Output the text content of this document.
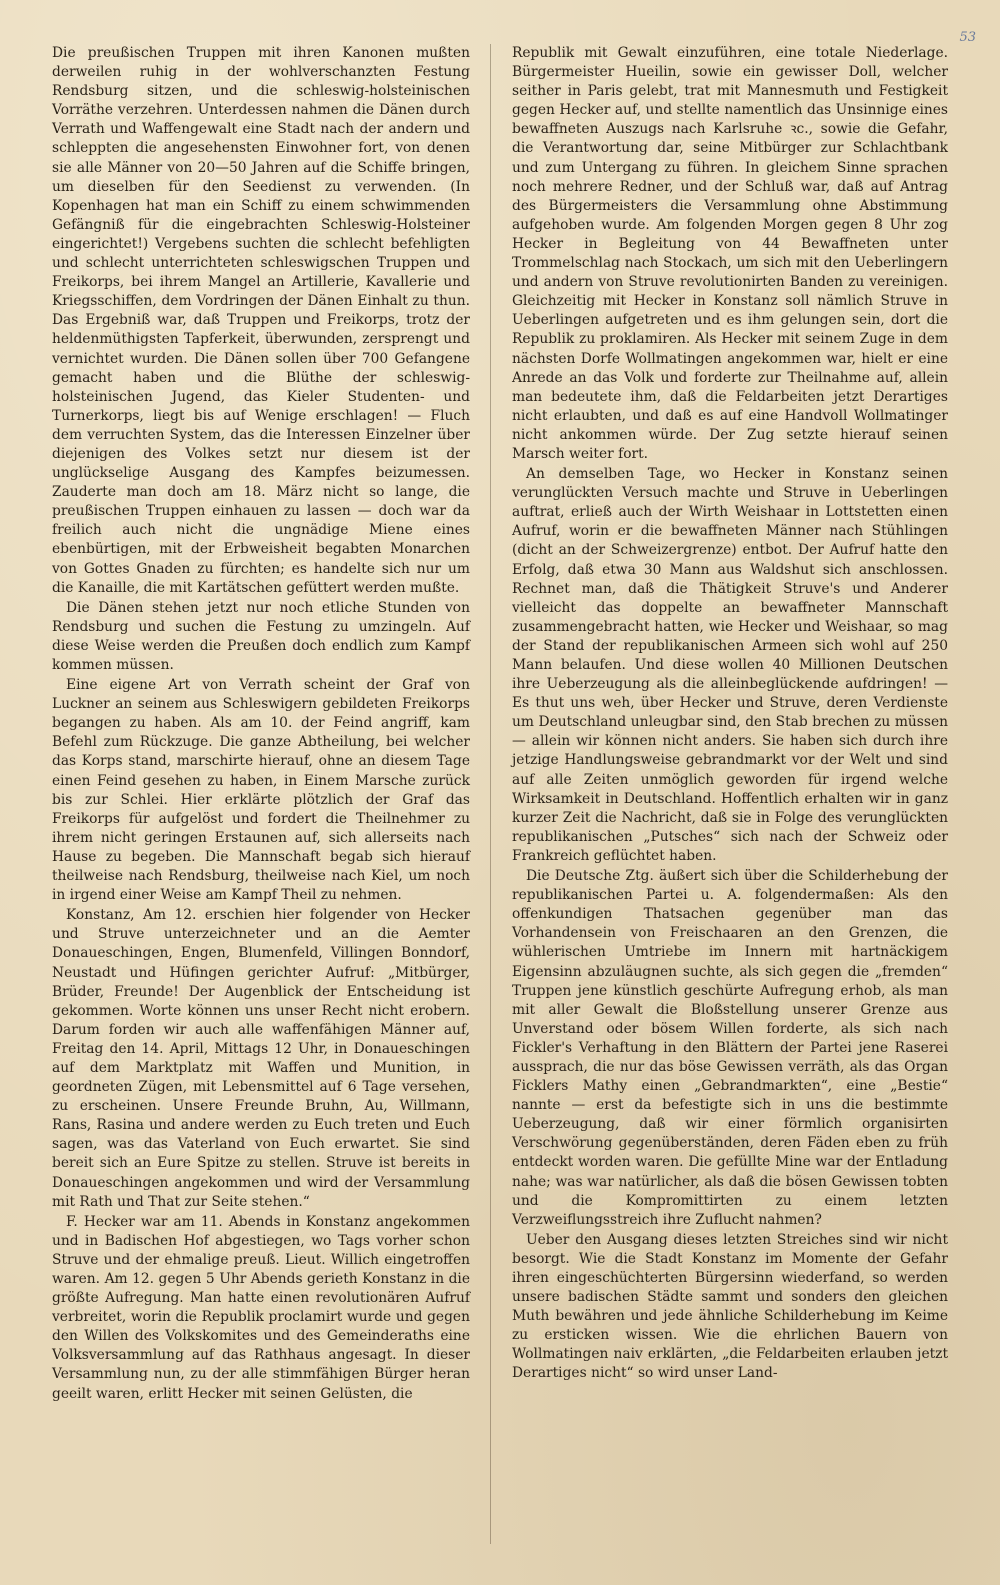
53

Die preußischen Truppen mit ihren Kanonen mußten derweilen ruhig in der wohlverschanzten Festung Rendsburg sitzen, und die schleswig-holsteinischen Vorräthe verzehren. Unterdessen nahmen die Dänen durch Verrath und Waffengewalt eine Stadt nach der andern und schleppten die angesehensten Einwohner fort, von denen sie alle Männer von 20—50 Jahren auf die Schiffe bringen, um dieselben für den Seedienst zu verwenden. (In Kopenhagen hat man ein Schiff zu einem schwimmenden Gefängniß für die eingebrachten Schleswig-Holsteiner eingerichtet!) Vergebens suchten die schlecht befehligten und schlecht unterrichteten schleswigschen Truppen und Freikorps, bei ihrem Mangel an Artillerie, Kavallerie und Kriegsschiffen, dem Vordringen der Dänen Einhalt zu thun. Das Ergebniß war, daß Truppen und Freikorps, trotz der heldenmüthigsten Tapferkeit, überwunden, zersprengt und vernichtet wurden. Die Dänen sollen über 700 Gefangene gemacht haben und die Blüthe der schleswig-holsteinischen Jugend, das Kieler Studenten- und Turnerkorps, liegt bis auf Wenige erschlagen! — Fluch dem verruchten System, das die Interessen Einzelner über diejenigen des Volkes setzt nur diesem ist der unglückselige Ausgang des Kampfes beizumessen. Zauderte man doch am 18. März nicht so lange, die preußischen Truppen einhauen zu lassen — doch war da freilich auch nicht die ungnädige Miene eines ebenbürtigen, mit der Erbweisheit begabten Monarchen von Gottes Gnaden zu fürchten; es handelte sich nur um die Kanaille, die mit Kartätschen gefüttert werden mußte.

Die Dänen stehen jetzt nur noch etliche Stunden von Rendsburg und suchen die Festung zu umzingeln. Auf diese Weise werden die Preußen doch endlich zum Kampf kommen müssen.

Eine eigene Art von Verrath scheint der Graf von Luckner an seinem aus Schleswigern gebildeten Freikorps begangen zu haben. Als am 10. der Feind angriff, kam Befehl zum Rückzuge. Die ganze Abtheilung, bei welcher das Korps stand, marschirte hierauf, ohne an diesem Tage einen Feind gesehen zu haben, in Einem Marsche zurück bis zur Schlei. Hier erklärte plötzlich der Graf das Freikorps für aufgelöst und fordert die Theilnehmer zu ihrem nicht geringen Erstaunen auf, sich allerseits nach Hause zu begeben. Die Mannschaft begab sich hierauf theilweise nach Rendsburg, theilweise nach Kiel, um noch in irgend einer Weise am Kampf Theil zu nehmen.

Konstanz, Am 12. erschien hier folgender von Hecker und Struve unterzeichneter und an die Aemter Donaueschingen, Engen, Blumenfeld, Villingen Bonndorf, Neustadt und Hüfingen gerichter Aufruf: „Mitbürger, Brüder, Freunde! Der Augenblick der Entscheidung ist gekommen. Worte können uns unser Recht nicht erobern. Darum forden wir auch alle waffenfähigen Männer auf, Freitag den 14. April, Mittags 12 Uhr, in Donaueschingen auf dem Marktplatz mit Waffen und Munition, in geordneten Zügen, mit Lebensmittel auf 6 Tage versehen, zu erscheinen. Unsere Freunde Bruhn, Au, Willmann, Rans, Rasina und andere werden zu Euch treten und Euch sagen, was das Vaterland von Euch erwartet. Sie sind bereit sich an Eure Spitze zu stellen. Struve ist bereits in Donaueschingen angekommen und wird der Versammlung mit Rath und That zur Seite stehen.“

F. Hecker war am 11. Abends in Konstanz angekommen und in Badischen Hof abgestiegen, wo Tags vorher schon Struve und der ehmalige preuß. Lieut. Willich eingetroffen waren. Am 12. gegen 5 Uhr Abends gerieth Konstanz in die größte Aufregung. Man hatte einen revolutionären Aufruf verbreitet, worin die Republik proclamirt wurde und gegen den Willen des Volkskomites und des Gemeinderaths eine Volksversammlung auf das Rathhaus angesagt. In dieser Versammlung nun, zu der alle stimmfähigen Bürger heran geeilt waren, erlitt Hecker mit seinen Gelüsten, die

Republik mit Gewalt einzuführen, eine totale Niederlage. Bürgermeister Hueilin, sowie ein gewisser Doll, welcher seither in Paris gelebt, trat mit Mannesmuth und Festigkeit gegen Hecker auf, und stellte namentlich das Unsinnige eines bewaffneten Auszugs nach Karlsruhe ꝛc., sowie die Gefahr, die Verantwortung dar, seine Mitbürger zur Schlachtbank und zum Untergang zu führen. In gleichem Sinne sprachen noch mehrere Redner, und der Schluß war, daß auf Antrag des Bürgermeisters die Versammlung ohne Abstimmung aufgehoben wurde. Am folgenden Morgen gegen 8 Uhr zog Hecker in Begleitung von 44 Bewaffneten unter Trommelschlag nach Stockach, um sich mit den Ueberlingern und andern von Struve revolutionirten Banden zu vereinigen. Gleichzeitig mit Hecker in Konstanz soll nämlich Struve in Ueberlingen aufgetreten und es ihm gelungen sein, dort die Republik zu proklamiren. Als Hecker mit seinem Zuge in dem nächsten Dorfe Wollmatingen angekommen war, hielt er eine Anrede an das Volk und forderte zur Theilnahme auf, allein man bedeutete ihm, daß die Feldarbeiten jetzt Derartiges nicht erlaubten, und daß es auf eine Handvoll Wollmatinger nicht ankommen würde. Der Zug setzte hierauf seinen Marsch weiter fort.

An demselben Tage, wo Hecker in Konstanz seinen verunglückten Versuch machte und Struve in Ueberlingen auftrat, erließ auch der Wirth Weishaar in Lottstetten einen Aufruf, worin er die bewaffneten Männer nach Stühlingen (dicht an der Schweizergrenze) entbot. Der Aufruf hatte den Erfolg, daß etwa 30 Mann aus Waldshut sich anschlossen. Rechnet man, daß die Thätigkeit Struve's und Anderer vielleicht das doppelte an bewaffneter Mannschaft zusammengebracht hatten, wie Hecker und Weishaar, so mag der Stand der republikanischen Armeen sich wohl auf 250 Mann belaufen. Und diese wollen 40 Millionen Deutschen ihre Ueberzeugung als die alleinbeglückende aufdringen! — Es thut uns weh, über Hecker und Struve, deren Verdienste um Deutschland unleugbar sind, den Stab brechen zu müssen — allein wir können nicht anders. Sie haben sich durch ihre jetzige Handlungsweise gebrandmarkt vor der Welt und sind auf alle Zeiten unmöglich geworden für irgend welche Wirksamkeit in Deutschland. Hoffentlich erhalten wir in ganz kurzer Zeit die Nachricht, daß sie in Folge des verunglückten republikanischen „Putsches“ sich nach der Schweiz oder Frankreich geflüchtet haben.

Die Deutsche Ztg. äußert sich über die Schilderhebung der republikanischen Partei u. A. folgendermaßen: Als den offenkundigen Thatsachen gegenüber man das Vorhandensein von Freischaaren an den Grenzen, die wühlerischen Umtriebe im Innern mit hartnäckigem Eigensinn abzuläugnen suchte, als sich gegen die „fremden“ Truppen jene künstlich geschürte Aufregung erhob, als man mit aller Gewalt die Bloßstellung unserer Grenze aus Unverstand oder bösem Willen forderte, als sich nach Fickler's Verhaftung in den Blättern der Partei jene Raserei aussprach, die nur das böse Gewissen verräth, als das Organ Ficklers Mathy einen „Gebrandmarkten“, eine „Bestie“ nannte — erst da befestigte sich in uns die bestimmte Ueberzeugung, daß wir einer förmlich organisirten Verschwörung gegenüberständen, deren Fäden eben zu früh entdeckt worden waren. Die gefüllte Mine war der Entladung nahe; was war natürlicher, als daß die bösen Gewissen tobten und die Kompromittirten zu einem letzten Verzweiflungsstreich ihre Zuflucht nahmen?

Ueber den Ausgang dieses letzten Streiches sind wir nicht besorgt. Wie die Stadt Konstanz im Momente der Gefahr ihren eingeschüchterten Bürgersinn wiederfand, so werden unsere badischen Städte sammt und sonders den gleichen Muth bewähren und jede ähnliche Schilderhebung im Keime zu ersticken wissen. Wie die ehrlichen Bauern von Wollmatingen naiv erklärten, „die Feldarbeiten erlauben jetzt Derartiges nicht“ so wird unser Land-
